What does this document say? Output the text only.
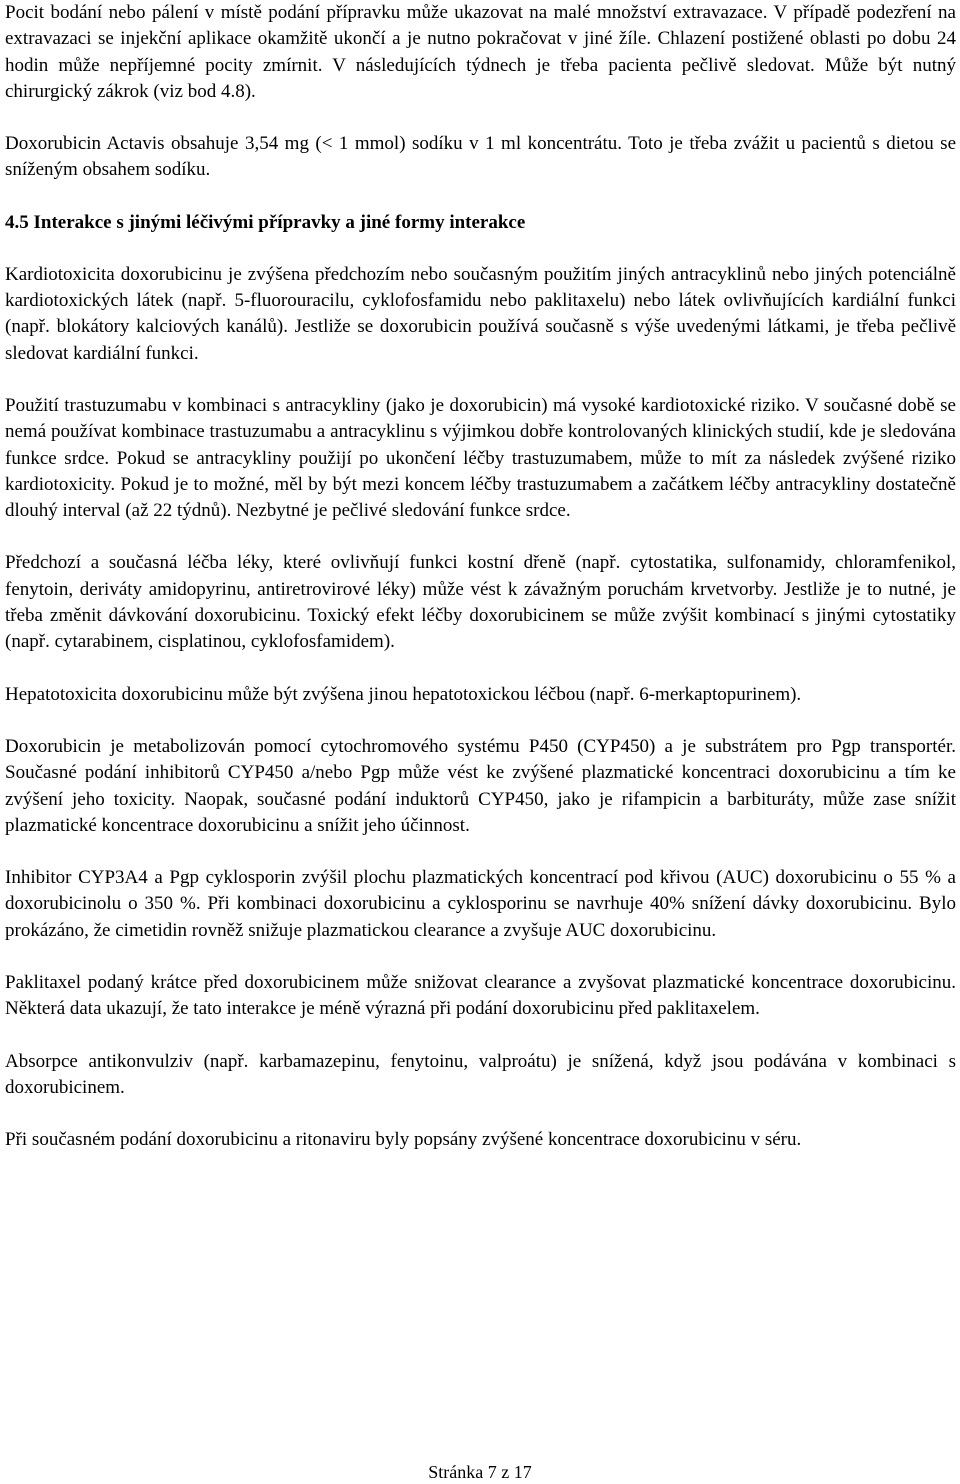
Pocit bodání nebo pálení v místě podání přípravku může ukazovat na malé množství extravazace. V případě podezření na extravazaci se injekční aplikace okamžitě ukončí a je nutno pokračovat v jiné žíle. Chlazení postižené oblasti po dobu 24 hodin může nepříjemné pocity zmírnit. V následujících týdnech je třeba pacienta pečlivě sledovat. Může být nutný chirurgický zákrok (viz bod 4.8).

Doxorubicin Actavis obsahuje 3,54 mg (< 1 mmol) sodíku v 1 ml koncentrátu. Toto je třeba zvážit u pacientů s dietou se sníženým obsahem sodíku.

4.5 Interakce s jinými léčivými přípravky a jiné formy interakce

Kardiotoxicita doxorubicinu je zvýšena předchozím nebo současným použitím jiných antracyklinů nebo jiných potenciálně kardiotoxických látek (např. 5-fluorouracilu, cyklofosfamidu nebo paklitaxelu) nebo látek ovlivňujících kardiální funkci (např. blokátory kalciových kanálů). Jestliže se doxorubicin používá současně s výše uvedenými látkami, je třeba pečlivě sledovat kardiální funkci.

Použití trastuzumabu v kombinaci s antracykliny (jako je doxorubicin) má vysoké kardiotoxické riziko. V současné době se nemá používat kombinace trastuzumabu a antracyklinu s výjimkou dobře kontrolovaných klinických studií, kde je sledována funkce srdce. Pokud se antracykliny použijí po ukončení léčby trastuzumabem, může to mít za následek zvýšené riziko kardiotoxicity. Pokud je to možné, měl by být mezi koncem léčby trastuzumabem a začátkem léčby antracykliny dostatečně dlouhý interval (až 22 týdnů). Nezbytné je pečlivé sledování funkce srdce.

Předchozí a současná léčba léky, které ovlivňují funkci kostní dřeně (např. cytostatika, sulfonamidy, chloramfenikol, fenytoin, deriváty amidopyrinu, antiretrovirové léky) může vést k závažným poruchám krvetvorby. Jestliže je to nutné, je třeba změnit dávkování doxorubicinu. Toxický efekt léčby doxorubicinem se může zvýšit kombinací s jinými cytostatiky (např. cytarabinem, cisplatinou, cyklofosfamidem).

Hepatotoxicita doxorubicinu může být zvýšena jinou hepatotoxickou léčbou (např. 6-merkaptopurinem).

Doxorubicin je metabolizován pomocí cytochromového systému P450 (CYP450) a je substrátem pro Pgp transportér. Současné podání inhibitorů CYP450 a/nebo Pgp může vést ke zvýšené plazmatické koncentraci doxorubicinu a tím ke zvýšení jeho toxicity. Naopak, současné podání induktorů CYP450, jako je rifampicin a barbituráty, může zase snížit plazmatické koncentrace doxorubicinu a snížit jeho účinnost.

Inhibitor CYP3A4 a Pgp cyklosporin zvýšil plochu plazmatických koncentrací pod křivou (AUC) doxorubicinu o 55 % a doxorubicinolu o 350 %. Při kombinaci doxorubicinu a cyklosporinu se navrhuje 40% snížení dávky doxorubicinu. Bylo prokázáno, že cimetidin rovněž snižuje plazmatickou clearance a zvyšuje AUC doxorubicinu.

Paklitaxel podaný krátce před doxorubicinem může snižovat clearance a zvyšovat plazmatické koncentrace doxorubicinu. Některá data ukazují, že tato interakce je méně výrazná při podání doxorubicinu před paklitaxelem.

Absorpce antikonvulziv (např. karbamazepinu, fenytoinu, valproátu) je snížená, když jsou podávána v kombinaci s doxorubicinem.

Při současném podání doxorubicinu a ritonaviru byly popsány zvýšené koncentrace doxorubicinu v séru.

Stránka 7 z 17
